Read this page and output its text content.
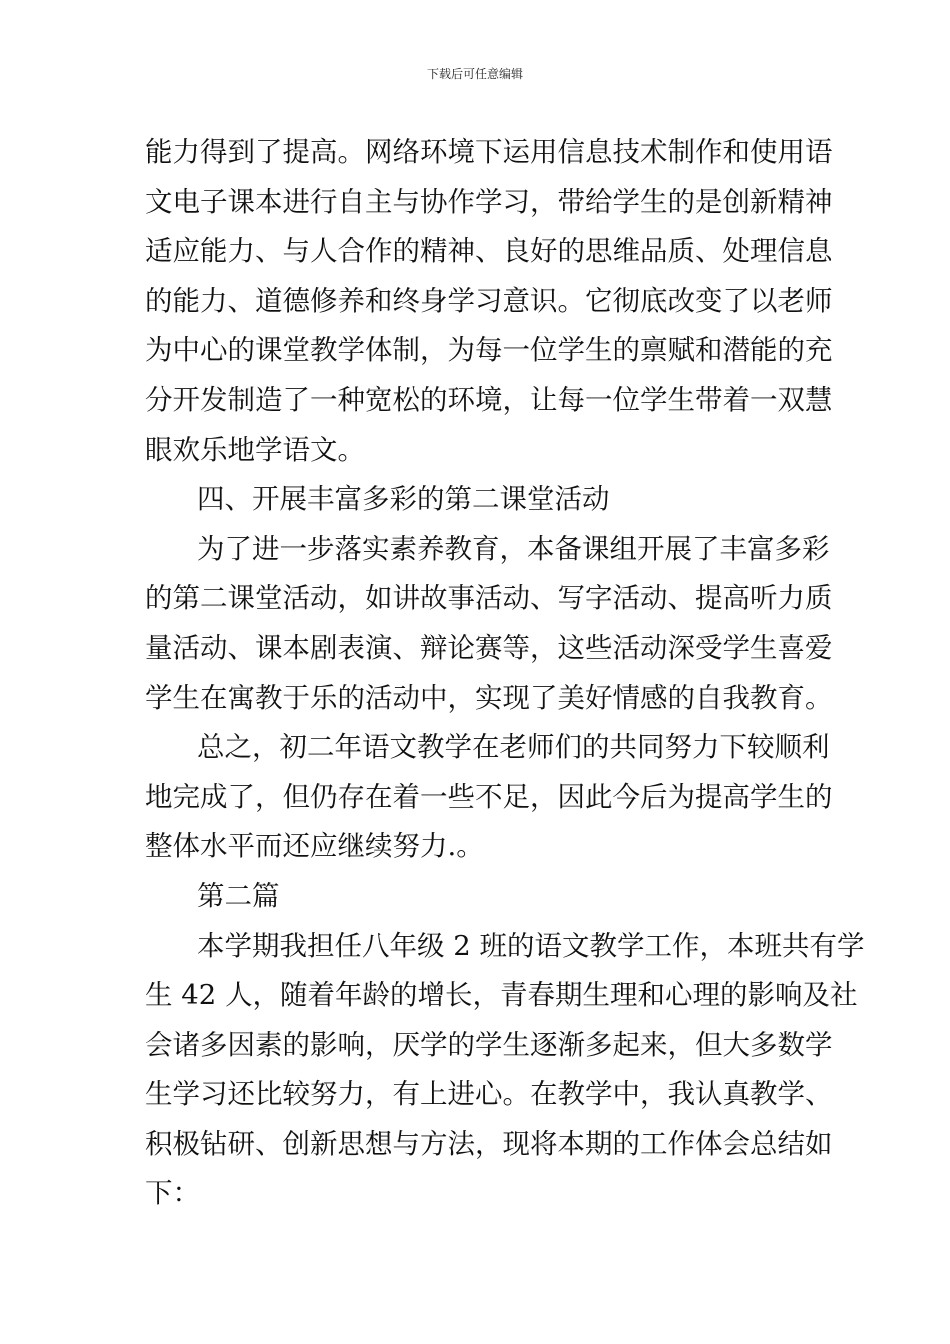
下载后可任意编辑
能力得到了提高。网络环境下运用信息技术制作和使用语
文电子课本进行自主与协作学习，带给学生的是创新精神
适应能力、与人合作的精神、良好的思维品质、处理信息
的能力、道德修养和终身学习意识。它彻底改变了以老师
为中心的课堂教学体制，为每一位学生的禀赋和潜能的充
分开发制造了一种宽松的环境，让每一位学生带着一双慧
眼欢乐地学语文。
四、开展丰富多彩的第二课堂活动
为了进一步落实素养教育，本备课组开展了丰富多彩
的第二课堂活动，如讲故事活动、写字活动、提高听力质
量活动、课本剧表演、辩论赛等，这些活动深受学生喜爱
学生在寓教于乐的活动中，实现了美好情感的自我教育。
总之，初二年语文教学在老师们的共同努力下较顺利
地完成了，但仍存在着一些不足，因此今后为提高学生的
整体水平而还应继续努力.。
第二篇
本学期我担任八年级 2 班的语文教学工作，本班共有学
生 42 人，随着年龄的增长，青春期生理和心理的影响及社
会诸多因素的影响，厌学的学生逐渐多起来，但大多数学
生学习还比较努力，有上进心。在教学中，我认真教学、
积极钻研、创新思想与方法，现将本期的工作体会总结如
下：
